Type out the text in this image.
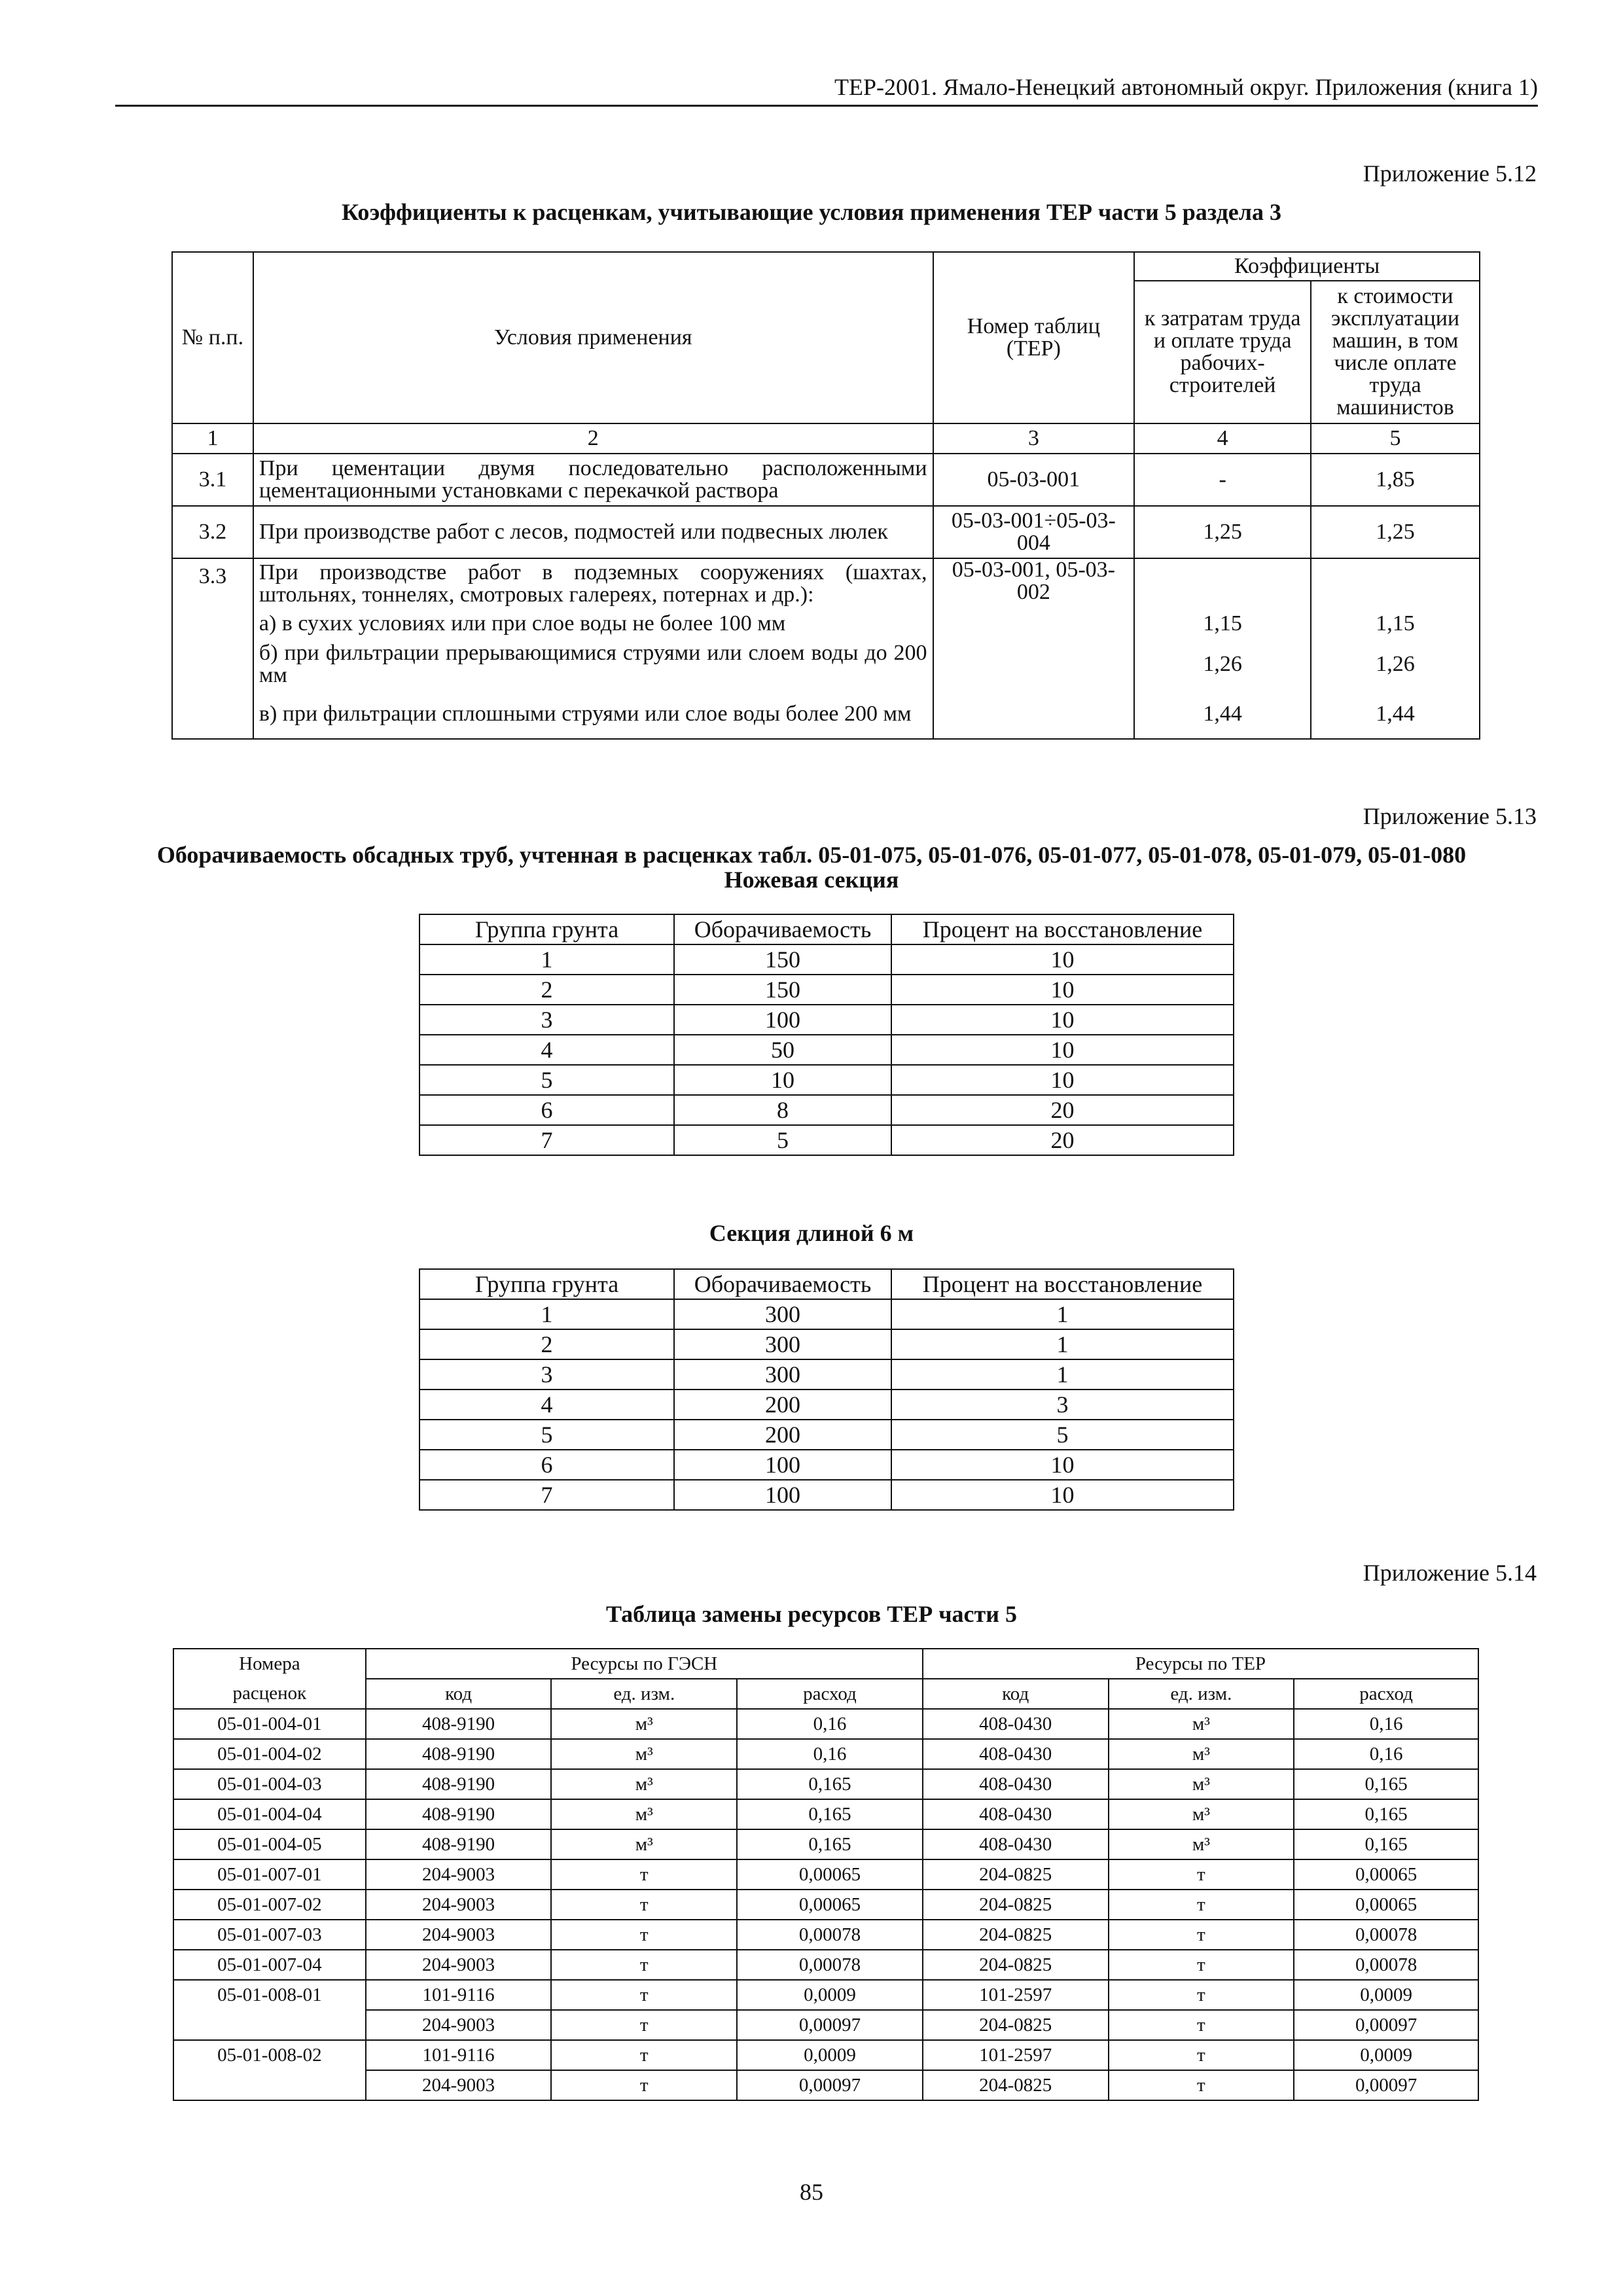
ТЕР-2001. Ямало-Ненецкий автономный округ. Приложения (книга 1)
Приложение 5.12
Коэффициенты к расценкам, учитывающие условия применения ТЕР части 5 раздела 3
№ п.п.	Условия применения	Номер таблиц (ТЕР)	Коэффициенты	
			к затратам труда и оплате труда рабочих-строителей	к стоимости эксплуатации машин, в том числе оплате труда машинистов
1	2	3	4	5
3.1	При цементации двумя последовательно расположенными цементационными установками с перекачкой раствора	05-03-001	-	1,85
3.2	При производстве работ с лесов, подмостей или подвесных люлек	05-03-001÷05-03-004	1,25	1,25
3.3	При производстве работ в подземных сооружениях (шахтах, штольнях, тоннелях, смотровых галереях, потернах и др.):	05-03-001, 05-03-002		
	а) в сухих условиях или при слое воды не более 100 мм		1,15	1,15
	б) при фильтрации прерывающимися струями или слоем воды до 200 мм		1,26	1,26
	в) при фильтрации сплошными струями или слое воды более 200 мм		1,44	1,44
Приложение 5.13
Оборачиваемость обсадных труб, учтенная в расценках табл. 05-01-075, 05-01-076, 05-01-077, 05-01-078, 05-01-079, 05-01-080
Ножевая секция
Группа грунта	Оборачиваемость	Процент на восстановление
1	150	10
2	150	10
3	100	10
4	50	10
5	10	10
6	8	20
7	5	20
Секция длиной 6 м
Группа грунта	Оборачиваемость	Процент на восстановление
1	300	1
2	300	1
3	300	1
4	200	3
5	200	5
6	100	10
7	100	10
Приложение 5.14
Таблица замены ресурсов ТЕР части 5
Номера	Ресурсы по ГЭСН			Ресурсы по ТЕР		
расценок	код	ед. изм.	расход	код	ед. изм.	расход
05-01-004-01	408-9190	м³	0,16	408-0430	м³	0,16
05-01-004-02	408-9190	м³	0,16	408-0430	м³	0,16
05-01-004-03	408-9190	м³	0,165	408-0430	м³	0,165
05-01-004-04	408-9190	м³	0,165	408-0430	м³	0,165
05-01-004-05	408-9190	м³	0,165	408-0430	м³	0,165
05-01-007-01	204-9003	т	0,00065	204-0825	т	0,00065
05-01-007-02	204-9003	т	0,00065	204-0825	т	0,00065
05-01-007-03	204-9003	т	0,00078	204-0825	т	0,00078
05-01-007-04	204-9003	т	0,00078	204-0825	т	0,00078
05-01-008-01	101-9116	т	0,0009	101-2597	т	0,0009
	204-9003	т	0,00097	204-0825	т	0,00097
05-01-008-02	101-9116	т	0,0009	101-2597	т	0,0009
	204-9003	т	0,00097	204-0825	т	0,00097
85
